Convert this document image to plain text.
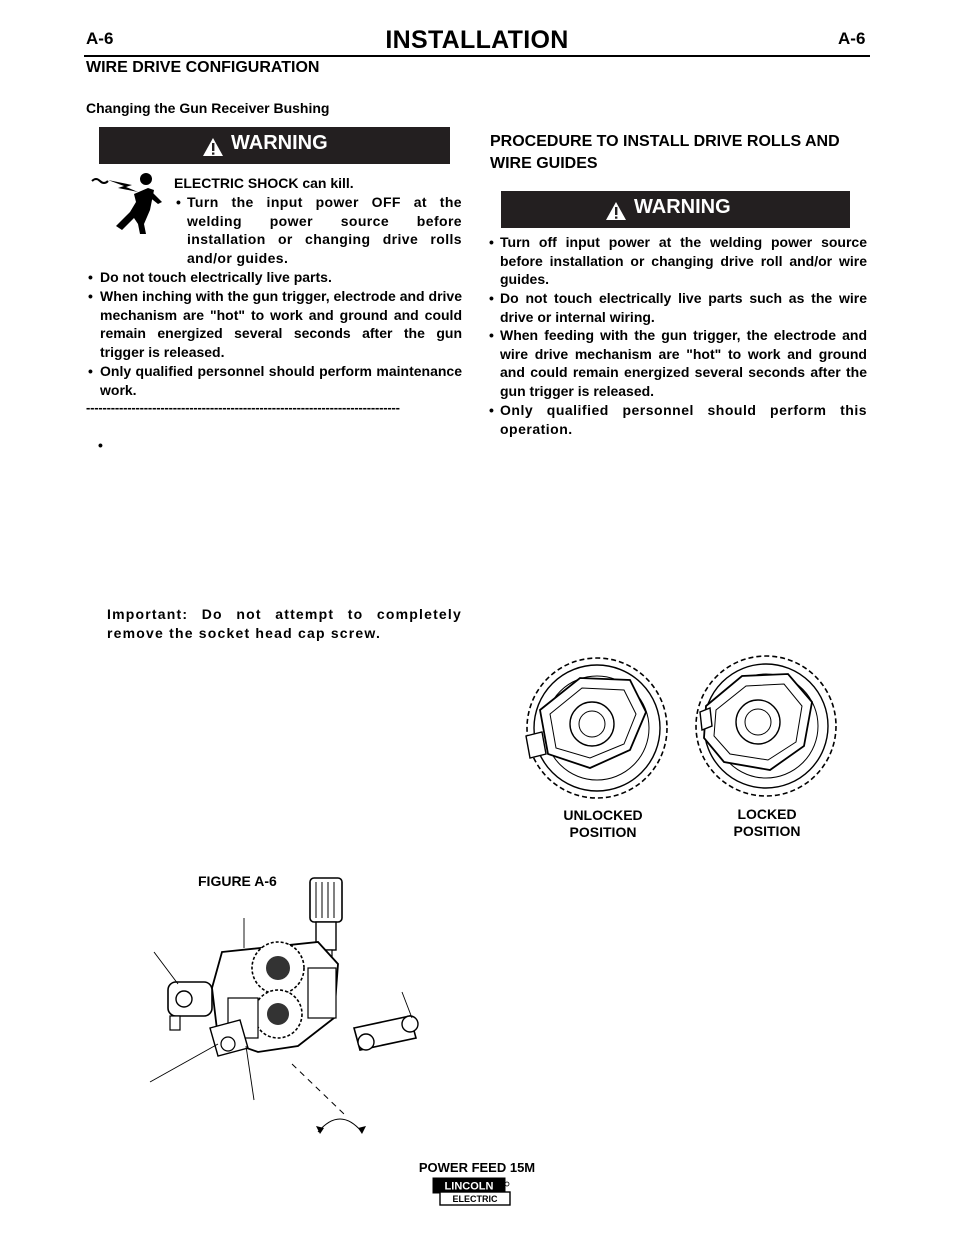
A-6	INSTALLATION	A-6
WIRE DRIVE CONFIGURATION
Changing the Gun Receiver Bushing
WARNING
ELECTRIC SHOCK can kill.
• Turn the input power OFF at the welding power source before installation or changing drive rolls and/or guides.
• Do not touch electrically live parts.
• When inching with the gun trigger, electrode and drive mechanism are "hot" to work and ground and could remain energized several seconds after the gun trigger is released.
• Only qualified personnel should perform maintenance work.
----------------------------------------------------------------------------
•
Important: Do not attempt to completely remove the socket head cap screw.
PROCEDURE TO INSTALL DRIVE ROLLS AND WIRE GUIDES
WARNING
• Turn off input power at the welding power source before installation or changing drive roll and/or wire guides.
• Do not touch electrically live parts such as the wire drive or internal wiring.
• When feeding with the gun trigger, the electrode and wire drive mechanism are "hot" to work and ground and could remain energized several seconds after the gun trigger is released.
• Only qualified personnel should perform this operation.
UNLOCKED
POSITION
LOCKED
POSITION
FIGURE A-6
POWER FEED 15M
LINCOLN
ELECTRIC
